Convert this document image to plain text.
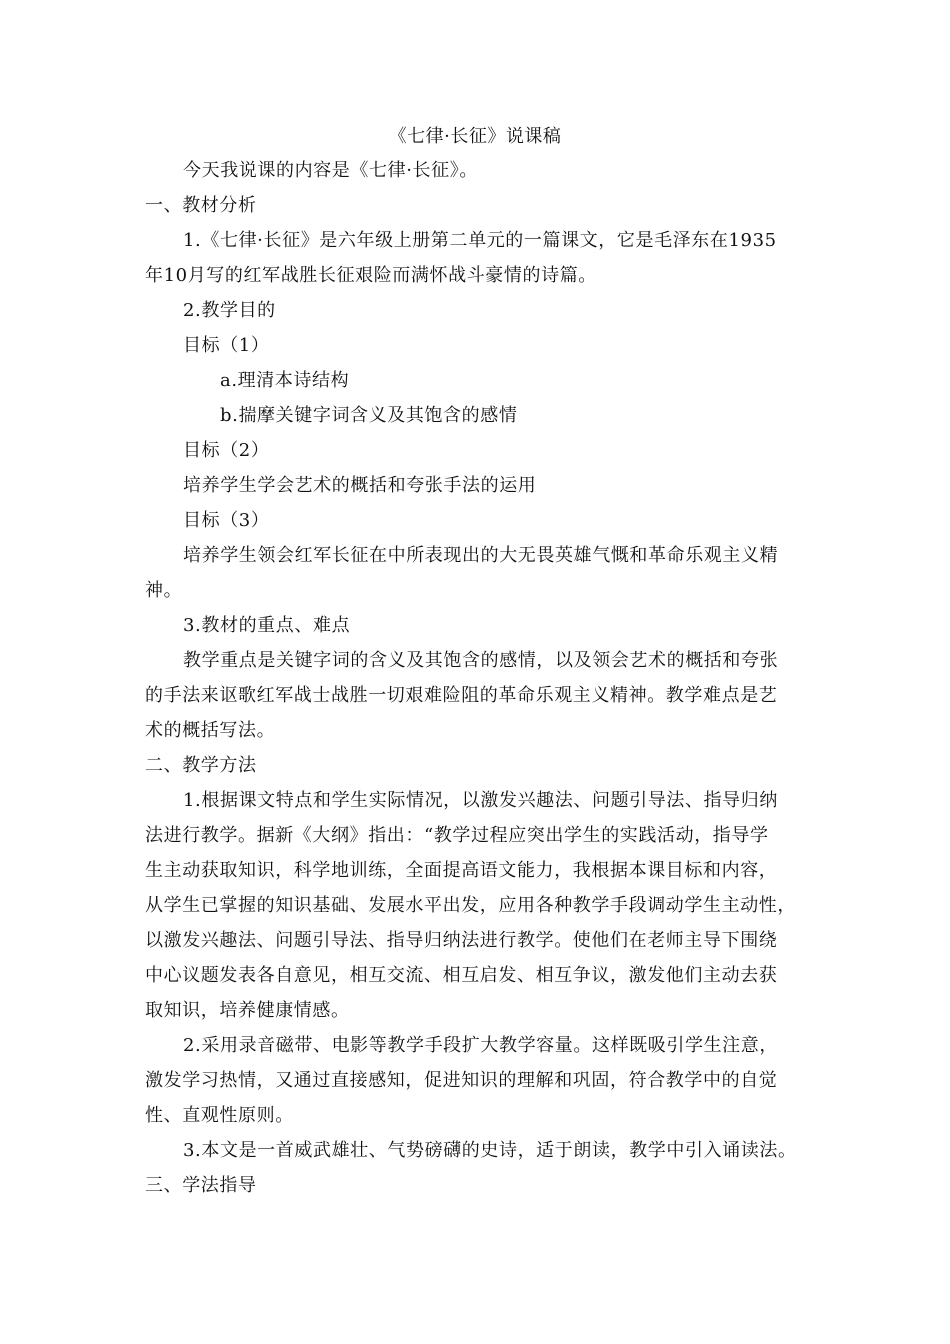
《七律·长征》说课稿
今天我说课的内容是《七律·长征》。
一、教材分析
1.《七律·长征》是六年级上册第二单元的一篇课文，它是毛泽东在1935
年10月写的红军战胜长征艰险而满怀战斗豪情的诗篇。
2.教学目的
目标（1）
a.理清本诗结构
b.揣摩关键字词含义及其饱含的感情
目标（2）
培养学生学会艺术的概括和夸张手法的运用
目标（3）
培养学生领会红军长征在中所表现出的大无畏英雄气慨和革命乐观主义精
神。
3.教材的重点、难点
教学重点是关键字词的含义及其饱含的感情，以及领会艺术的概括和夸张
的手法来讴歌红军战士战胜一切艰难险阻的革命乐观主义精神。教学难点是艺
术的概括写法。
二、教学方法
1.根据课文特点和学生实际情况，以激发兴趣法、问题引导法、指导归纳
法进行教学。据新《大纲》指出：“教学过程应突出学生的实践活动，指导学
生主动获取知识，科学地训练，全面提高语文能力，我根据本课目标和内容，
从学生已掌握的知识基础、发展水平出发，应用各种教学手段调动学生主动性，
以激发兴趣法、问题引导法、指导归纳法进行教学。使他们在老师主导下围绕
中心议题发表各自意见，相互交流、相互启发、相互争议，激发他们主动去获
取知识，培养健康情感。
2.采用录音磁带、电影等教学手段扩大教学容量。这样既吸引学生注意，
激发学习热情，又通过直接感知，促进知识的理解和巩固，符合教学中的自觉
性、直观性原则。
3.本文是一首威武雄壮、气势磅礴的史诗，适于朗读，教学中引入诵读法。
三、学法指导
